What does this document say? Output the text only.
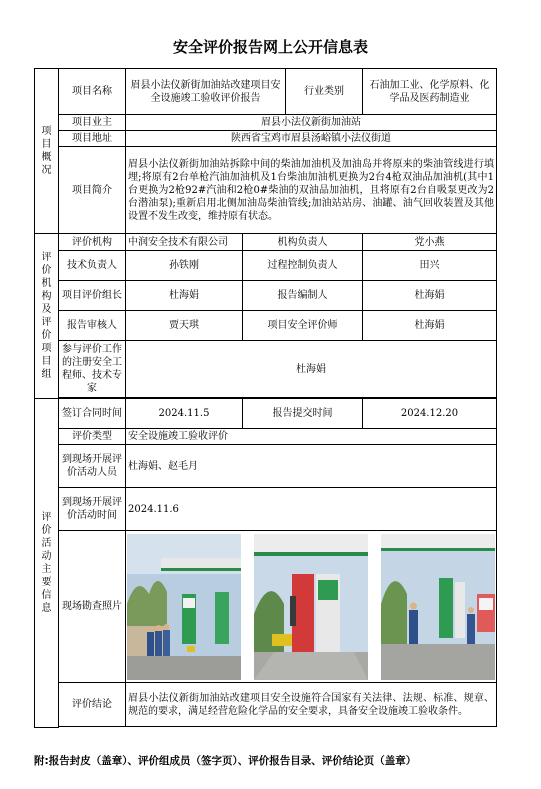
安全评价报告网上公开信息表
项目概况	项目名称	眉县小法仪新街加油站改建项目安全设施竣工验收评价报告		行业类别	石油加工业、化学原料、化学品及医药制造业
	项目业主	眉县小法仪新街加油站			
	项目地址	陕西省宝鸡市眉县汤峪镇小法仪街道			
	项目简介	眉县小法仪新街加油站拆除中间的柴油加油机及加油岛并将原来的柴油管线进行填埋;将原有2台单枪汽油加油机及1台柴油加油机更换为2台4枪双油品加油机(其中1台更换为2枪92#汽油和2枪0#柴油的双油品加油机，且将原有2台自吸泵更改为2台潜油泵);重新启用北侧加油岛柴油管线;加油站站房、油罐、油气回收装置及其他设置不发生改变，维持原有状态。			

评价机构及评价项目组	评价机构	中润安全技术有限公司	机构负责人		党小燕
	技术负责人	孙铁刚	过程控制负责人		田兴
	项目评价组长	杜海娟	报告编制人		杜海娟
	报告审核人	贾天琪	项目安全评价师		杜海娟
	参与评价工作的注册安全工程师、技术专家	杜海娟			

评价活动主要信息	签订合同时间	2024.11.5	报告提交时间		2024.12.20
	评价类型	安全设施竣工验收评价			
	到现场开展评价活动人员	杜海娟、赵毛月			
	到现场开展评价活动时间	2024.11.6			
	现场勘查照片	

	评价结论	眉县小法仪新街加油站改建项目安全设施符合国家有关法律、法规、标准、规章、规范的要求，满足经营危险化学品的安全要求，具备安全设施竣工验收条件。			

附:报告封皮（盖章）、评价组成员（签字页）、评价报告目录、评价结论页（盖章）
